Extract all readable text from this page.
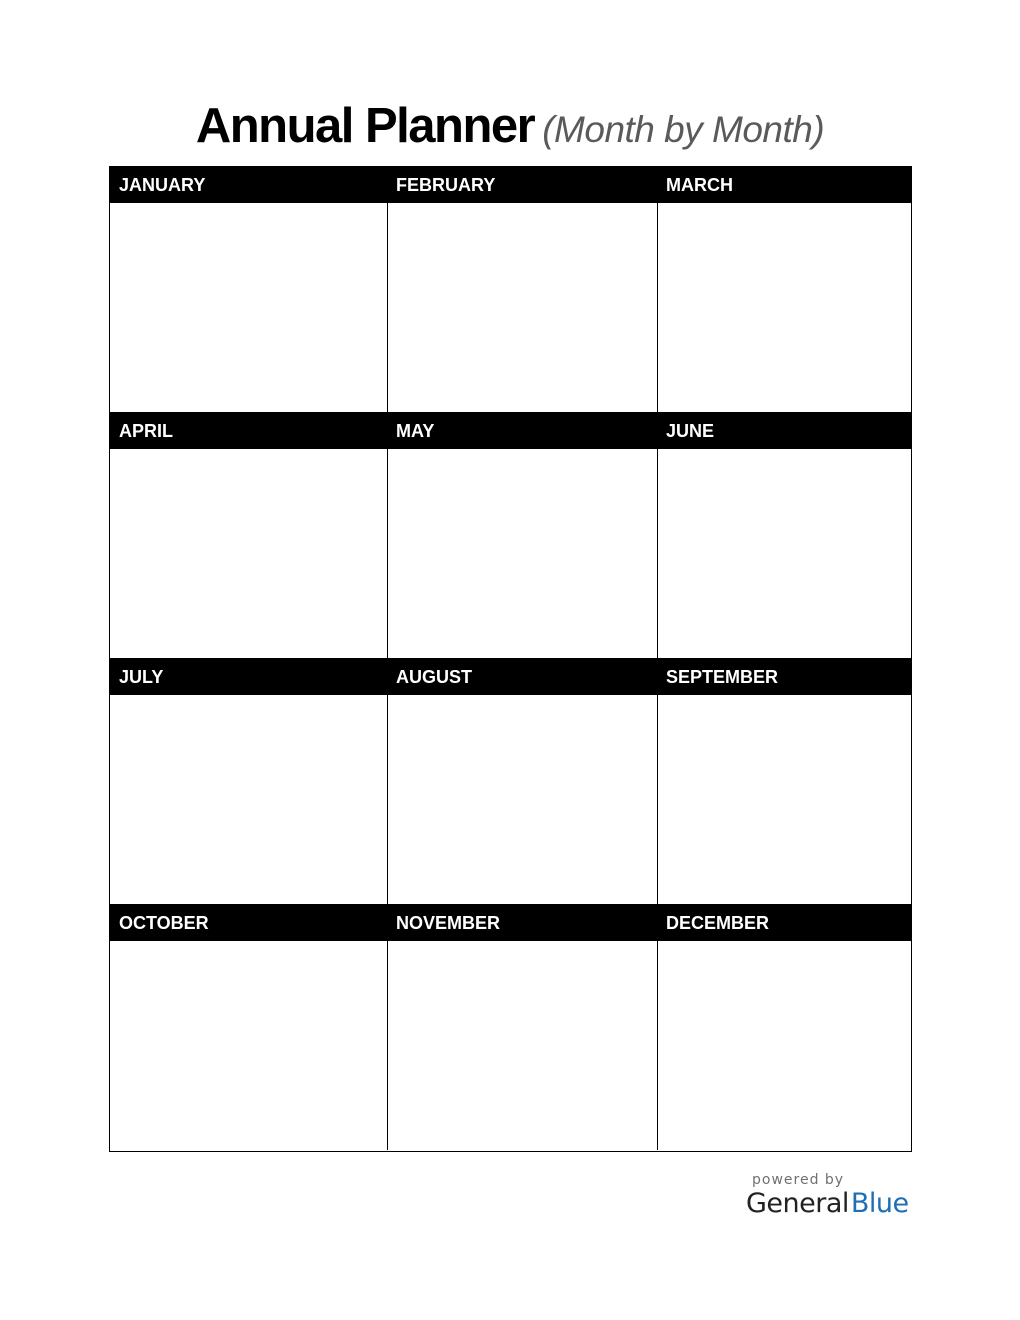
Annual Planner (Month by Month)
JANUARY	FEBRUARY	MARCH
APRIL	MAY	JUNE
JULY	AUGUST	SEPTEMBER
OCTOBER	NOVEMBER	DECEMBER
powered by
GeneralBlue
